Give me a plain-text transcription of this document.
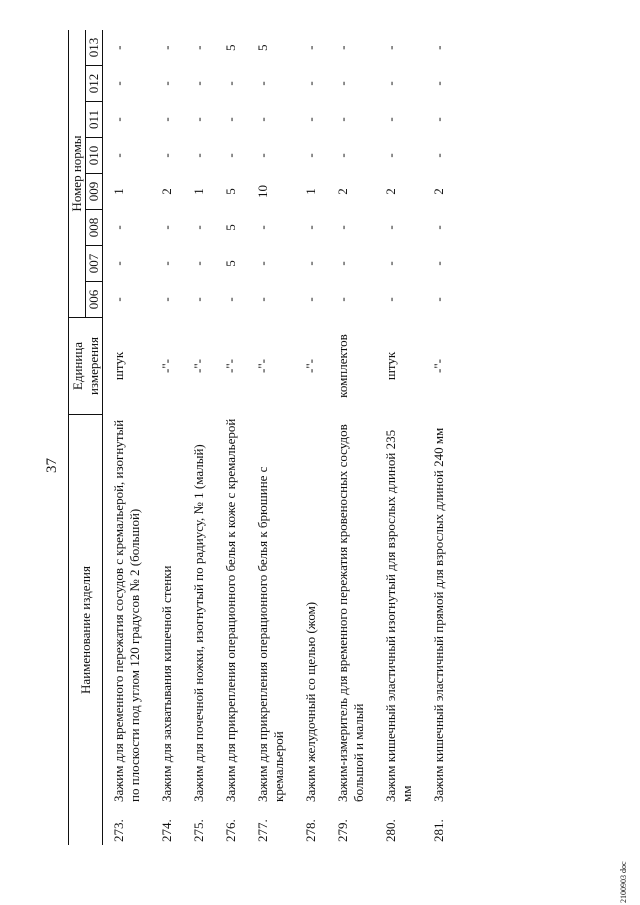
37
Наименование изделия	Единица измерения	Номер нормы							
		006	007	008	009	010	011	012	013

273.
Зажим для временного пережатия сосудов с кремальерой, изогнутый по плоскости под углом 120 градусов № 2 (большой)	штук	-	-	-	1	-	-	-	-

274.
Зажим для захватывания кишечной стенки	-"-	-	-	-	2	-	-	-	-

275.
Зажим для почечной ножки, изогнутый по радиусу, № 1 (малый)	-"-	-	-	-	1	-	-	-	-

276.
Зажим для прикрепления операционного белья к коже с кремальерой	-"-	-	5	5	5	-	-	-	5

277.
Зажим для прикрепления операционного белья к брюшине с кремальерой	-"-	-	-	-	10	-	-	-	5

278.
Зажим желудочный со щелью (жом)	-"-	-	-	-	1	-	-	-	-

279.
Зажим-измеритель для временного пережатия кровеносных сосудов большой и малый	комплектов	-	-	-	2	-	-	-	-

280.
Зажим кишечный эластичный изогнутый для взрослых длиной 235 мм	штук	-	-	-	2	-	-	-	-

281.
Зажим кишечный эластичный прямой для взрослых длиной 240 мм	-"-	-	-	-	2	-	-	-	-
2100903 doc
